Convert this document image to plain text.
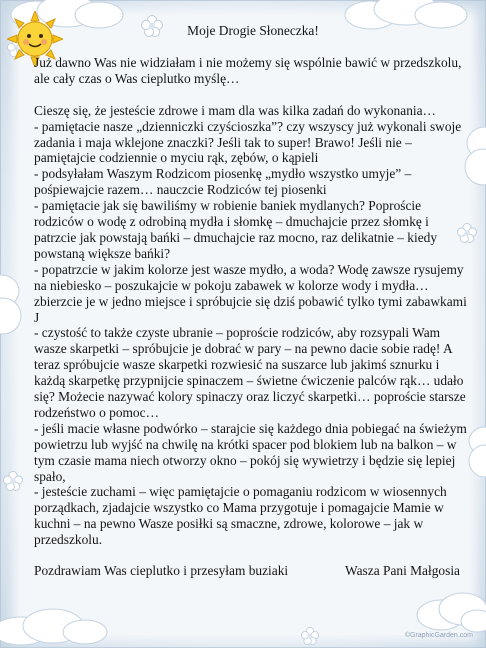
Moje Drogie Słoneczka!
Już dawno Was nie widziałam i nie możemy się wspólnie bawić w przedszkolu, ale cały czas o Was cieplutko myślę…
Cieszę się, że jesteście zdrowe i mam dla was kilka zadań do wykonania…
- pamiętacie nasze „dzienniczki czyścioszka”? czy wszyscy już wykonali swoje zadania i maja wklejone znaczki? Jeśli tak to super! Brawo! Jeśli nie – pamiętajcie codziennie o myciu rąk, zębów, o kąpieli
- podsyłałam Waszym Rodzicom piosenkę „mydło wszystko umyje” – pośpiewajcie razem… nauczcie Rodziców tej piosenki
- pamiętacie jak się bawiliśmy w robienie baniek mydlanych? Poproście rodziców o wodę z odrobiną mydła i słomkę – dmuchajcie przez słomkę i patrzcie jak powstają bańki – dmuchajcie raz mocno, raz delikatnie – kiedy powstaną większe bańki?
- popatrzcie w jakim kolorze jest wasze mydło, a woda? Wodę zawsze rysujemy na niebiesko – poszukajcie w pokoju zabawek w kolorze wody i mydła… zbierzcie je w jedno miejsce i spróbujcie się dziś pobawić tylko tymi zabawkami J
- czystość to także czyste ubranie – poproście rodziców, aby rozsypali Wam wasze skarpetki – spróbujcie je dobrać w pary – na pewno dacie sobie radę! A teraz spróbujcie wasze skarpetki rozwiesić na suszarce lub jakimś sznurku i każdą skarpetkę przypnijcie spinaczem – świetne ćwiczenie palców rąk… udało się? Możecie nazywać kolory spinaczy oraz liczyć skarpetki… poproście starsze rodzeństwo o pomoc…
- jeśli macie własne podwórko – starajcie się każdego dnia pobiegać na świeżym powietrzu lub wyjść na chwilę na krótki spacer pod blokiem lub na balkon – w tym czasie mama niech otworzy okno – pokój się wywietrzy i będzie się lepiej spało,
- jesteście zuchami – więc pamiętajcie o pomaganiu rodzicom w wiosennych porządkach, zjadajcie wszystko co Mama przygotuje i pomagajcie Mamie w kuchni – na pewno Wasze posiłki są smaczne, zdrowe, kolorowe – jak w przedszkolu.
Pozdrawiam Was cieplutko i przesyłam buziaki	Wasza Pani Małgosia
©GraphicGarden.com
